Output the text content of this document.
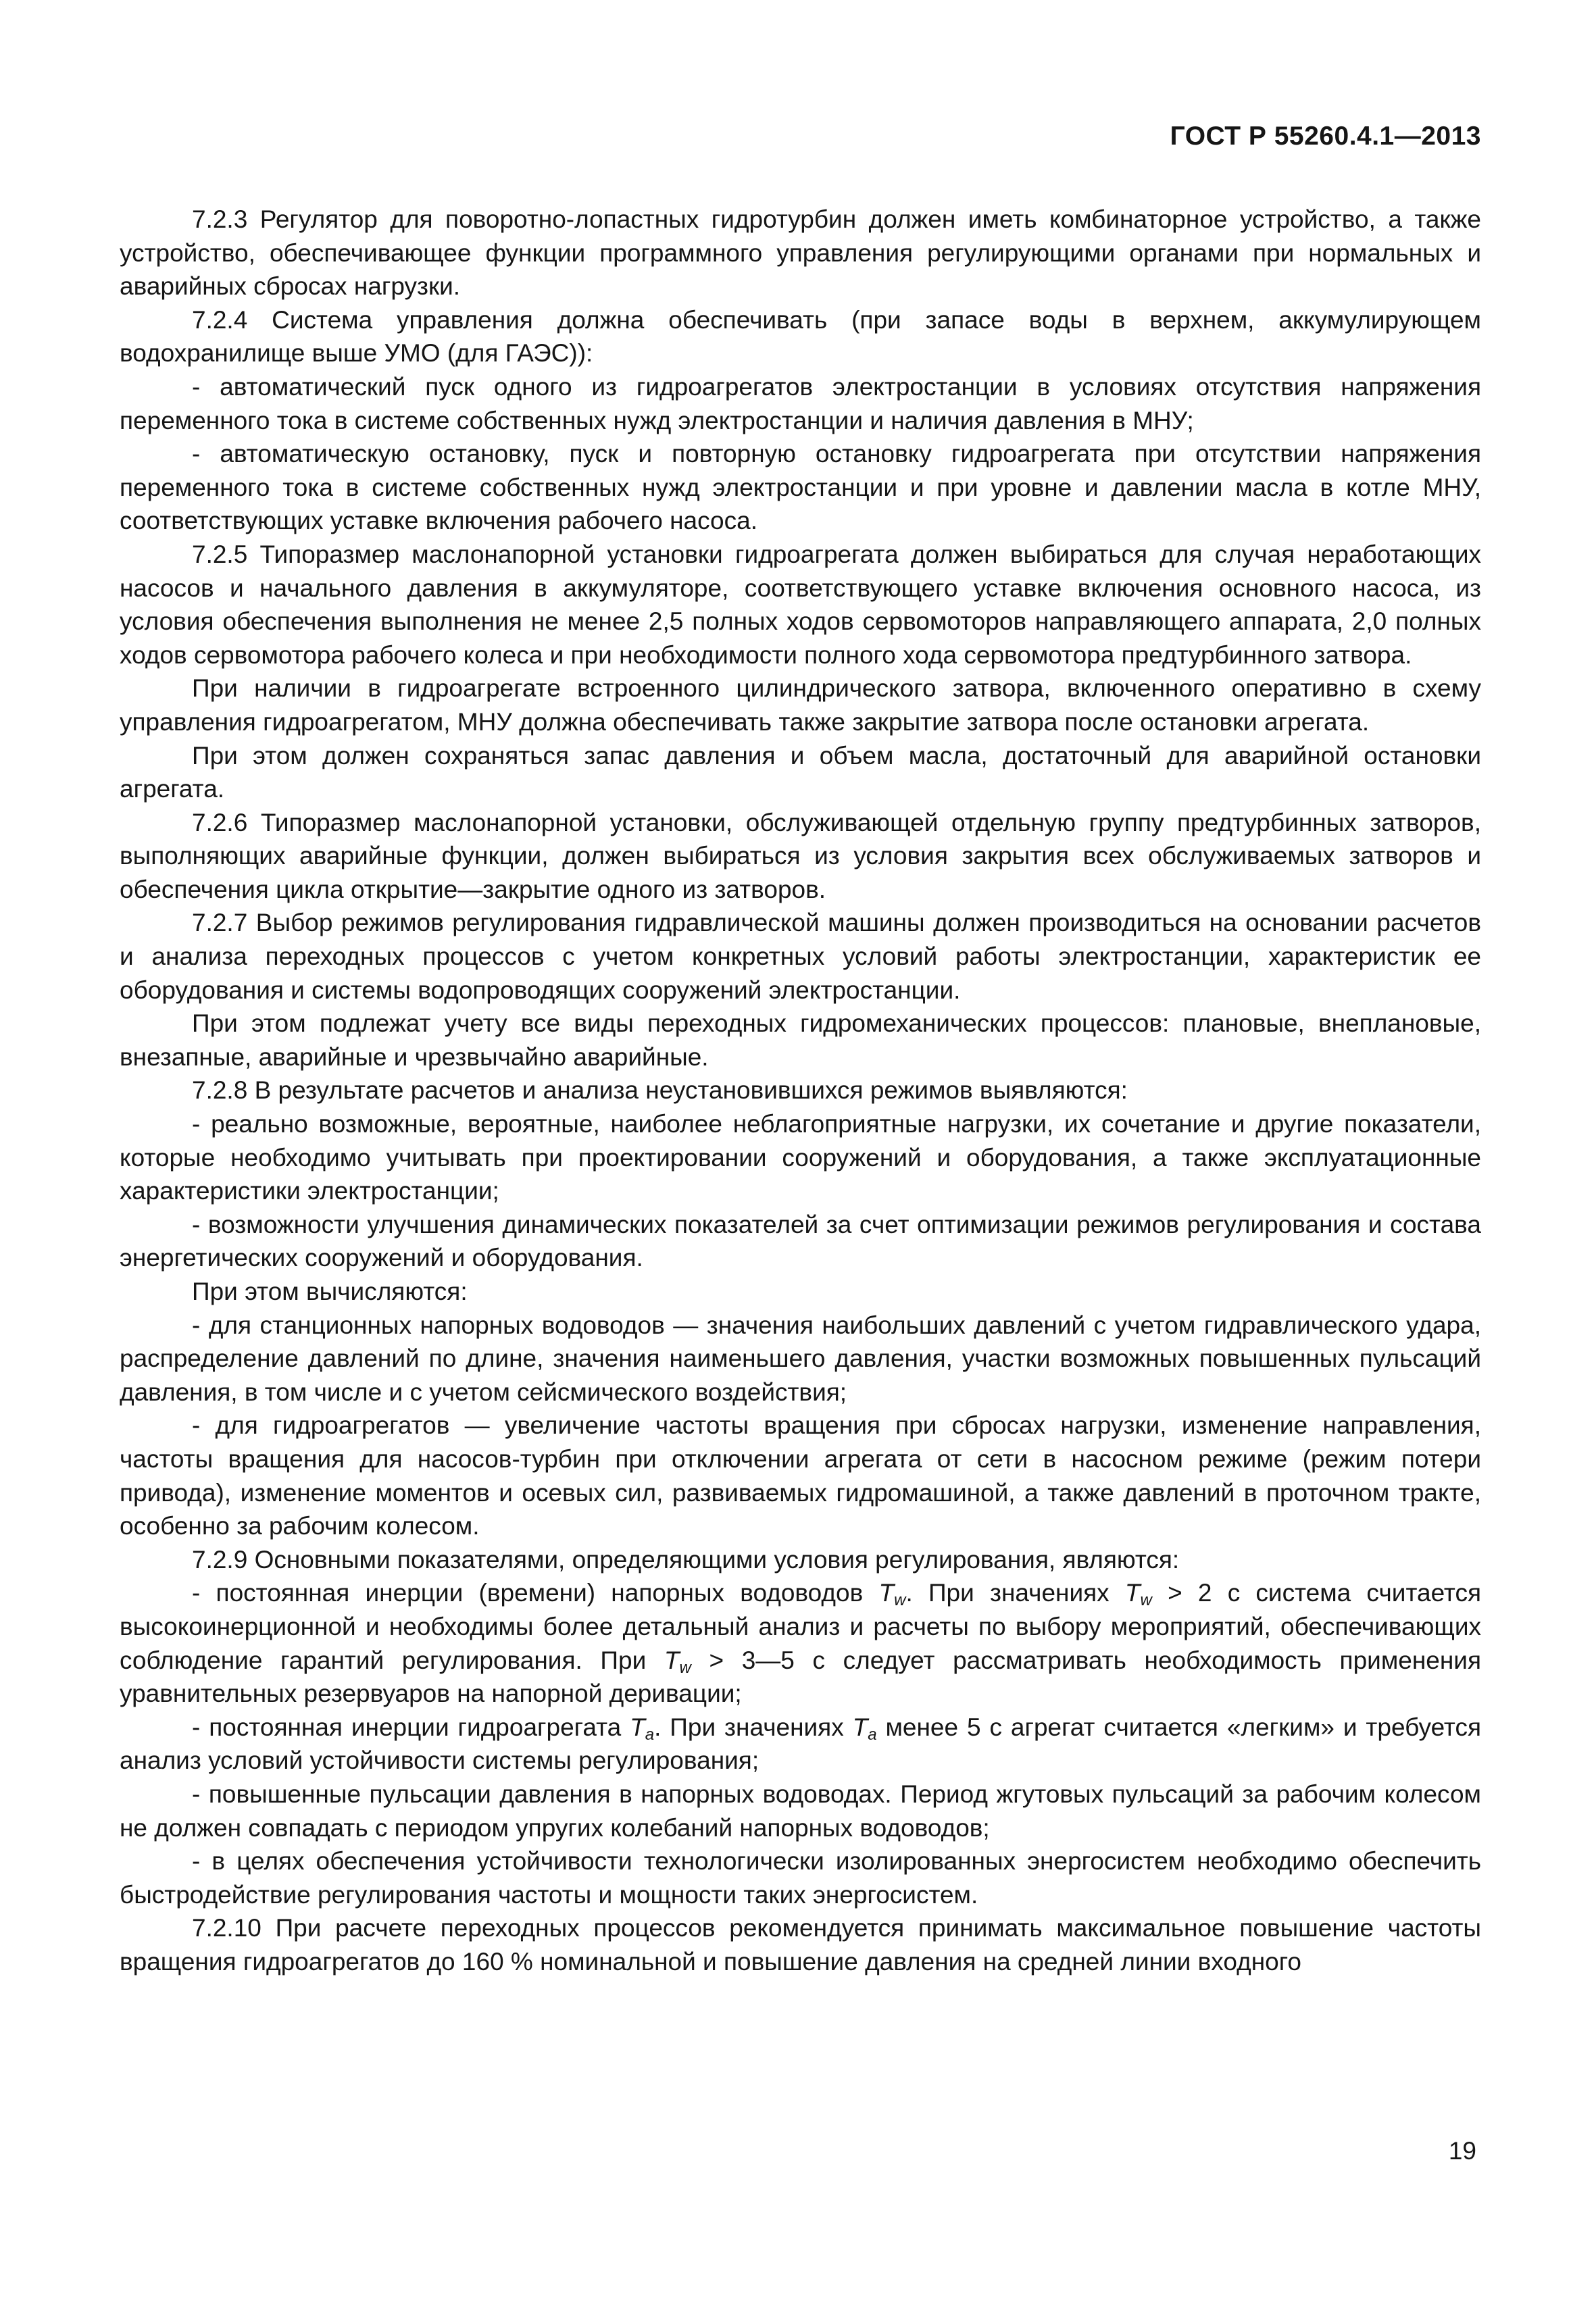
ГОСТ Р 55260.4.1—2013

7.2.3 Регулятор для поворотно-лопастных гидротурбин должен иметь комбинаторное устройство, а также устройство, обеспечивающее функции программного управления регулирующими органами при нормальных и аварийных сбросах нагрузки.

7.2.4 Система управления должна обеспечивать (при запасе воды в верхнем, аккумулирующем водохранилище выше УМО (для ГАЭС)):

- автоматический пуск одного из гидроагрегатов электростанции в условиях отсутствия напряжения переменного тока в системе собственных нужд электростанции и наличия давления в МНУ;

- автоматическую остановку, пуск и повторную остановку гидроагрегата при отсутствии напряжения переменного тока в системе собственных нужд электростанции и при уровне и давлении масла в котле МНУ, соответствующих уставке включения рабочего насоса.

7.2.5 Типоразмер маслонапорной установки гидроагрегата должен выбираться для случая неработающих насосов и начального давления в аккумуляторе, соответствующего уставке включения основного насоса, из условия обеспечения выполнения не менее 2,5 полных ходов сервомоторов направляющего аппарата, 2,0 полных ходов сервомотора рабочего колеса и при необходимости полного хода сервомотора предтурбинного затвора.

При наличии в гидроагрегате встроенного цилиндрического затвора, включенного оперативно в схему управления гидроагрегатом, МНУ должна обеспечивать также закрытие затвора после остановки агрегата.

При этом должен сохраняться запас давления и объем масла, достаточный для аварийной остановки агрегата.

7.2.6 Типоразмер маслонапорной установки, обслуживающей отдельную группу предтурбинных затворов, выполняющих аварийные функции, должен выбираться из условия закрытия всех обслуживаемых затворов и обеспечения цикла открытие—закрытие одного из затворов.

7.2.7 Выбор режимов регулирования гидравлической машины должен производиться на основании расчетов и анализа переходных процессов с учетом конкретных условий работы электростанции, характеристик ее оборудования и системы водопроводящих сооружений электростанции.

При этом подлежат учету все виды переходных гидромеханических процессов: плановые, внеплановые, внезапные, аварийные и чрезвычайно аварийные.

7.2.8 В результате расчетов и анализа неустановившихся режимов выявляются:

- реально возможные, вероятные, наиболее неблагоприятные нагрузки, их сочетание и другие показатели, которые необходимо учитывать при проектировании сооружений и оборудования, а также эксплуатационные характеристики электростанции;

- возможности улучшения динамических показателей за счет оптимизации режимов регулирования и состава энергетических сооружений и оборудования.

При этом вычисляются:

- для станционных напорных водоводов — значения наибольших давлений с учетом гидравлического удара, распределение давлений по длине, значения наименьшего давления, участки возможных повышенных пульсаций давления, в том числе и с учетом сейсмического воздействия;

- для гидроагрегатов — увеличение частоты вращения при сбросах нагрузки, изменение направления, частоты вращения для насосов-турбин при отключении агрегата от сети в насосном режиме (режим потери привода), изменение моментов и осевых сил, развиваемых гидромашиной, а также давлений в проточном тракте, особенно за рабочим колесом.

7.2.9 Основными показателями, определяющими условия регулирования, являются:

- постоянная инерции (времени) напорных водоводов $T_w$. При значениях $T_w > 2$ с система считается высокоинерционной и необходимы более детальный анализ и расчеты по выбору мероприятий, обеспечивающих соблюдение гарантий регулирования. При $T_w$ > 3—5 с следует рассматривать необходимость применения уравнительных резервуаров на напорной деривации;

- постоянная инерции гидроагрегата $T_a$. При значениях $T_a$ менее 5 с агрегат считается «легким» и требуется анализ условий устойчивости системы регулирования;

- повышенные пульсации давления в напорных водоводах. Период жгутовых пульсаций за рабочим колесом не должен совпадать с периодом упругих колебаний напорных водоводов;

- в целях обеспечения устойчивости технологически изолированных энергосистем необходимо обеспечить быстродействие регулирования частоты и мощности таких энергосистем.

7.2.10 При расчете переходных процессов рекомендуется принимать максимальное повышение частоты вращения гидроагрегатов до 160 % номинальной и повышение давления на средней линии входного

19
